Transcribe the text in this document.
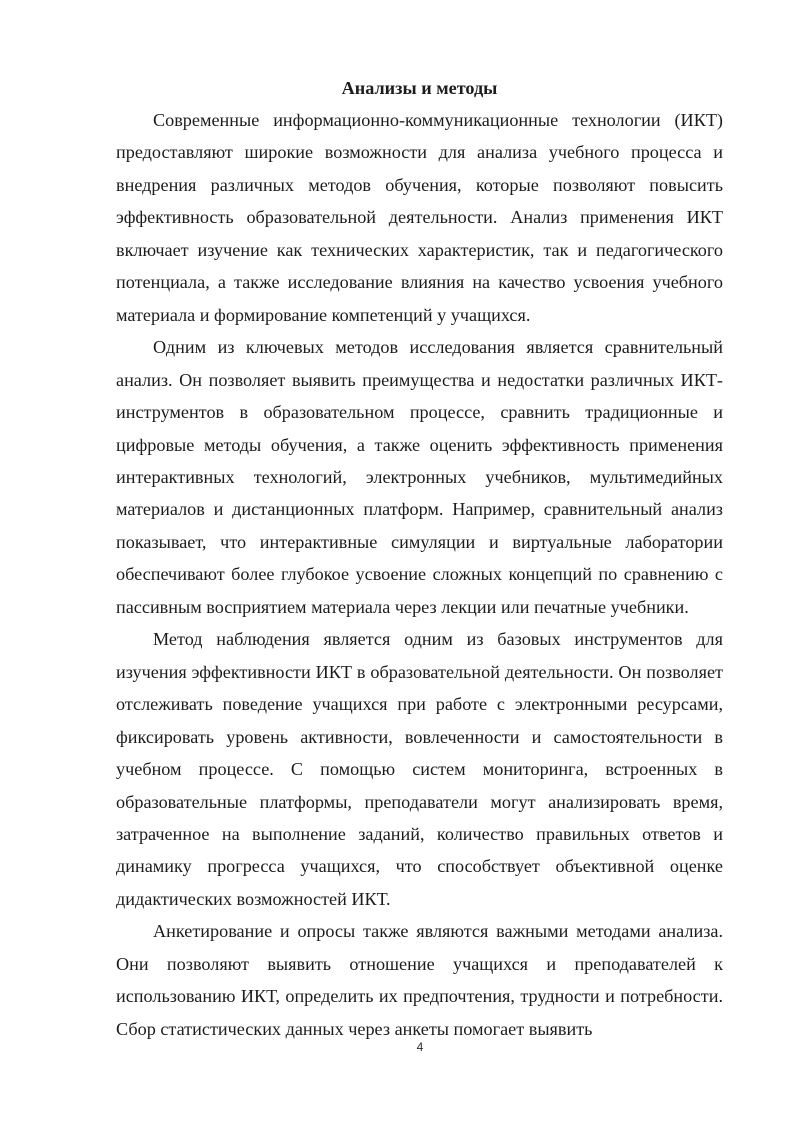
Анализы и методы

Современные информационно-коммуникационные технологии (ИКТ) предоставляют широкие возможности для анализа учебного процесса и внедрения различных методов обучения, которые позволяют повысить эффективность образовательной деятельности. Анализ применения ИКТ включает изучение как технических характеристик, так и педагогического потенциала, а также исследование влияния на качество усвоения учебного материала и формирование компетенций у учащихся.

Одним из ключевых методов исследования является сравнительный анализ. Он позволяет выявить преимущества и недостатки различных ИКТ-инструментов в образовательном процессе, сравнить традиционные и цифровые методы обучения, а также оценить эффективность применения интерактивных технологий, электронных учебников, мультимедийных материалов и дистанционных платформ. Например, сравнительный анализ показывает, что интерактивные симуляции и виртуальные лаборатории обеспечивают более глубокое усвоение сложных концепций по сравнению с пассивным восприятием материала через лекции или печатные учебники.

Метод наблюдения является одним из базовых инструментов для изучения эффективности ИКТ в образовательной деятельности. Он позволяет отслеживать поведение учащихся при работе с электронными ресурсами, фиксировать уровень активности, вовлеченности и самостоятельности в учебном процессе. С помощью систем мониторинга, встроенных в образовательные платформы, преподаватели могут анализировать время, затраченное на выполнение заданий, количество правильных ответов и динамику прогресса учащихся, что способствует объективной оценке дидактических возможностей ИКТ.

Анкетирование и опросы также являются важными методами анализа. Они позволяют выявить отношение учащихся и преподавателей к использованию ИКТ, определить их предпочтения, трудности и потребности. Сбор статистических данных через анкеты помогает выявить

4
